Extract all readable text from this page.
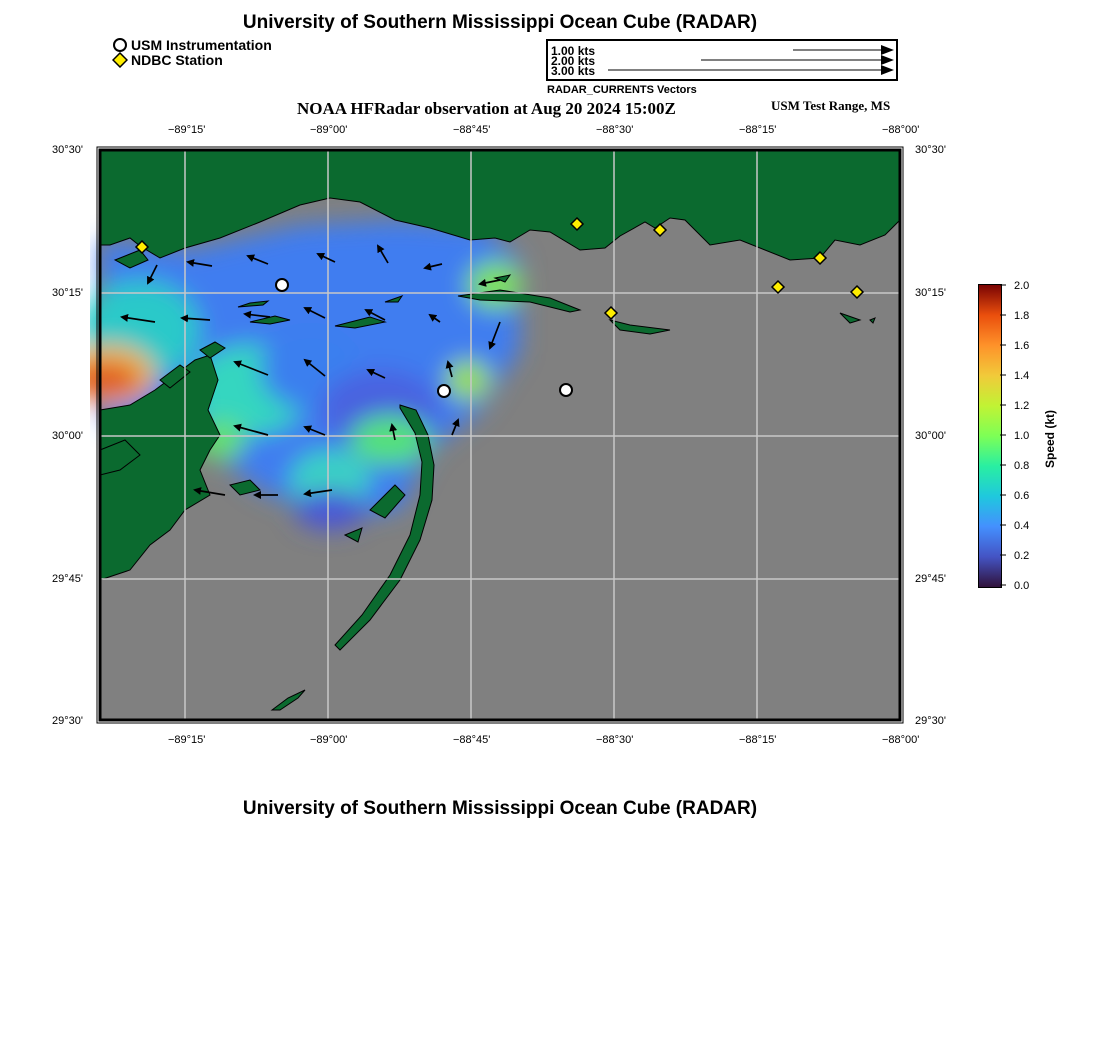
University of Southern Mississippi Ocean Cube (RADAR)
USM Instrumentation
NDBC Station
1.00 kts
2.00 kts
3.00 kts
RADAR_CURRENTS Vectors
NOAA HFRadar observation at Aug 20 2024 15:00Z	USM Test Range, MS
−89°15'	−89°00'	−88°45'	−88°30'	−88°15'	−88°00'
−89°15'	−89°00'	−88°45'	−88°30'	−88°15'	−88°00'
30°30'
30°15'
30°00'
29°45'
29°30'
30°30'
30°15'
30°00'
29°45'
29°30'
2.0
1.8
1.6
1.4
1.2
1.0
0.8
0.6
0.4
0.2
0.0
Speed (kt)
University of Southern Mississippi Ocean Cube (RADAR)
